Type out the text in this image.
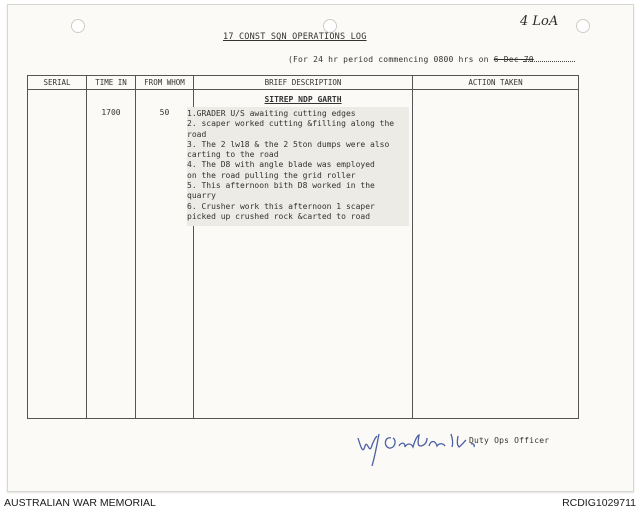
4 LoA
17 CONST SQN OPERATIONS LOG
(For 24 hr period commencing 0800 hrs on 6 Dec 70
SERIAL	TIME IN	FROM WHOM	BRIEF DESCRIPTION	ACTION TAKEN

	1700	50	SITREP NDP GARTH	

1.GRADER U/S awaiting cutting edges
2. scaper worked cutting &filling along the
road
3. The 2 lw18 & the 2 5ton dumps were also
carting to the road
4. The D8 with angle blade was employed
on the road pulling the grid roller
5. This afternoon bith D8 worked in the
quarry
6. Crusher work this afternoon 1 scaper
picked up crushed rock &carted to road
Duty Ops Officer
AUSTRALIAN WAR MEMORIAL	RCDIG1029711
